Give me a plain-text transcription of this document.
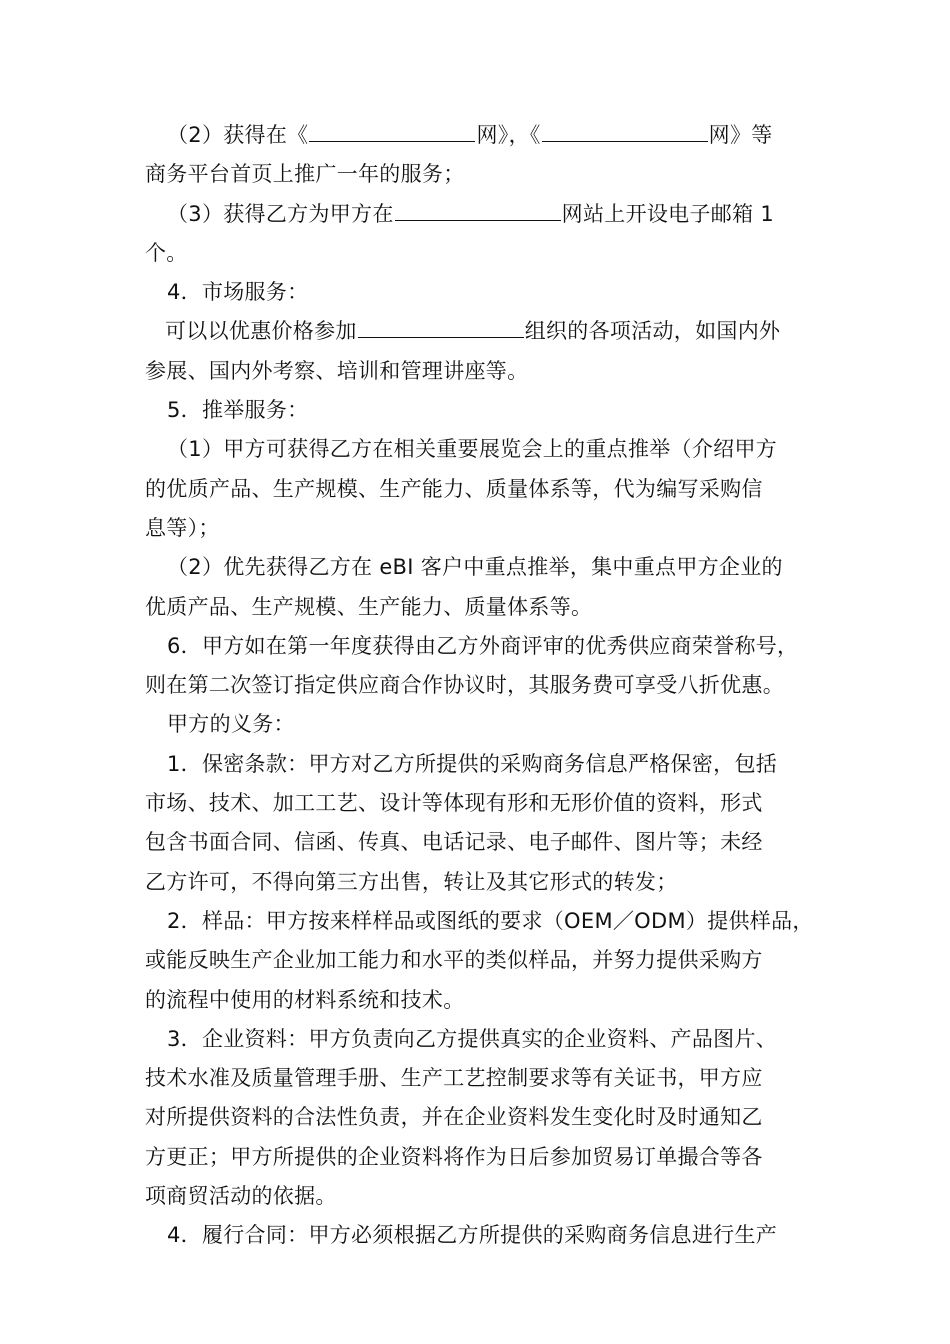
（2）获得在《	网》，《	网》等
商务平台首页上推广一年的服务；
（3）获得乙方为甲方在	网站上开设电子邮箱 1
个。
4．市场服务：
可以以优惠价格参加	组织的各项活动，如国内外
参展、国内外考察、培训和管理讲座等。
5．推举服务：
（1）甲方可获得乙方在相关重要展览会上的重点推举（介绍甲方
的优质产品、生产规模、生产能力、质量体系等，代为编写采购信
息等）；
（2）优先获得乙方在 eBI 客户中重点推举，集中重点甲方企业的
优质产品、生产规模、生产能力、质量体系等。
6．甲方如在第一年度获得由乙方外商评审的优秀供应商荣誉称号，
则在第二次签订指定供应商合作协议时，其服务费可享受八折优惠。
甲方的义务：
1．保密条款：甲方对乙方所提供的采购商务信息严格保密，包括
市场、技术、加工工艺、设计等体现有形和无形价值的资料，形式
包含书面合同、信函、传真、电话记录、电子邮件、图片等；未经
乙方许可，不得向第三方出售，转让及其它形式的转发；
2．样品：甲方按来样样品或图纸的要求（OEM／ODM）提供样品，
或能反映生产企业加工能力和水平的类似样品，并努力提供采购方
的流程中使用的材料系统和技术。
3．企业资料：甲方负责向乙方提供真实的企业资料、产品图片、
技术水准及质量管理手册、生产工艺控制要求等有关证书，甲方应
对所提供资料的合法性负责，并在企业资料发生变化时及时通知乙
方更正；甲方所提供的企业资料将作为日后参加贸易订单撮合等各
项商贸活动的依据。
4．履行合同：甲方必须根据乙方所提供的采购商务信息进行生产
